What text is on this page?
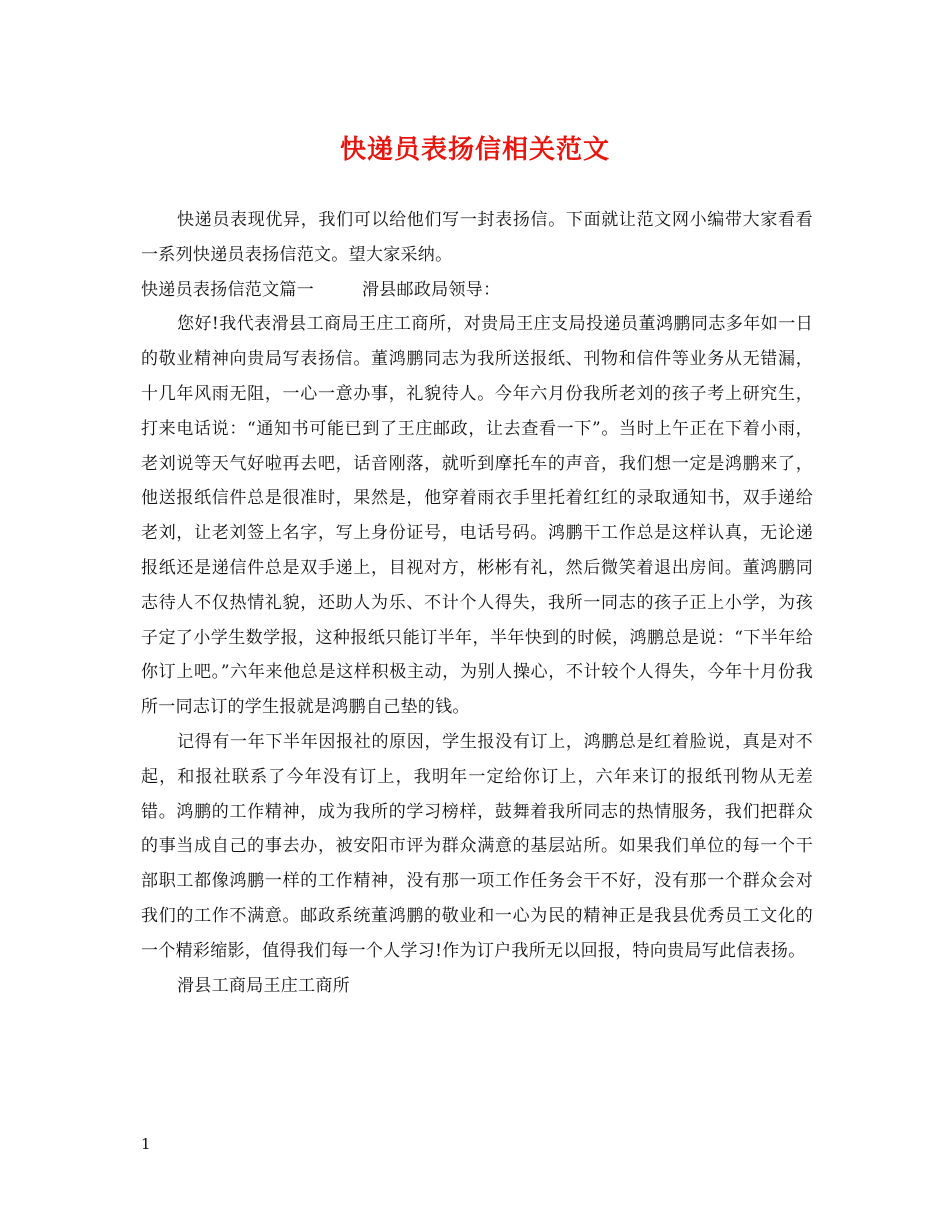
快递员表扬信相关范文

快递员表现优异，我们可以给他们写一封表扬信。下面就让范文网小编带大家看看一系列快递员表扬信范文。望大家采纳。

快递员表扬信范文篇一	滑县邮政局领导：

您好!我代表滑县工商局王庄工商所，对贵局王庄支局投递员董鸿鹏同志多年如一日的敬业精神向贵局写表扬信。董鸿鹏同志为我所送报纸、刊物和信件等业务从无错漏，十几年风雨无阻，一心一意办事，礼貌待人。今年六月份我所老刘的孩子考上研究生，打来电话说：“通知书可能已到了王庄邮政，让去查看一下”。当时上午正在下着小雨，老刘说等天气好啦再去吧，话音刚落，就听到摩托车的声音，我们想一定是鸿鹏来了，他送报纸信件总是很准时，果然是，他穿着雨衣手里托着红红的录取通知书，双手递给老刘，让老刘签上名字，写上身份证号，电话号码。鸿鹏干工作总是这样认真，无论递报纸还是递信件总是双手递上，目视对方，彬彬有礼，然后微笑着退出房间。董鸿鹏同志待人不仅热情礼貌，还助人为乐、不计个人得失，我所一同志的孩子正上小学，为孩子定了小学生数学报，这种报纸只能订半年，半年快到的时候，鸿鹏总是说：“下半年给你订上吧。”六年来他总是这样积极主动，为别人操心，不计较个人得失，今年十月份我所一同志订的学生报就是鸿鹏自己垫的钱。

记得有一年下半年因报社的原因，学生报没有订上，鸿鹏总是红着脸说，真是对不起，和报社联系了今年没有订上，我明年一定给你订上，六年来订的报纸刊物从无差错。鸿鹏的工作精神，成为我所的学习榜样，鼓舞着我所同志的热情服务，我们把群众的事当成自己的事去办，被安阳市评为群众满意的基层站所。如果我们单位的每一个干部职工都像鸿鹏一样的工作精神，没有那一项工作任务会干不好，没有那一个群众会对我们的工作不满意。邮政系统董鸿鹏的敬业和一心为民的精神正是我县优秀员工文化的一个精彩缩影，值得我们每一个人学习!作为订户我所无以回报，特向贵局写此信表扬。

滑县工商局王庄工商所

1
